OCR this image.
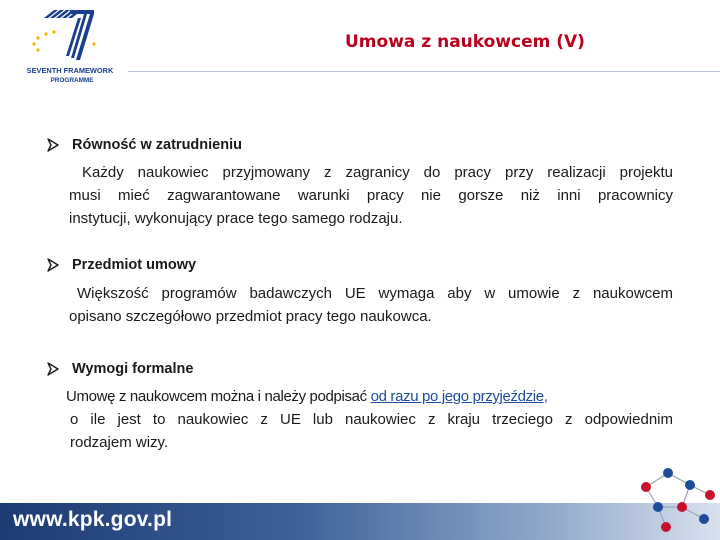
SEVENTH FRAMEWORK
PROGRAMME
Umowa z naukowcem (V)
Równość w zatrudnieniu
Każdy naukowiec przyjmowany z zagranicy do pracy przy realizacji projektu
musi mieć zagwarantowane warunki pracy nie gorsze niż inni pracownicy
instytucji, wykonujący prace tego samego rodzaju.
Przedmiot umowy
Większość programów badawczych UE wymaga aby w umowie z naukowcem
opisano szczegółowo przedmiot pracy tego naukowca.
Wymogi formalne
Umowę z naukowcem można i należy podpisać od razu po jego przyjeździe,
o ile jest to naukowiec z UE lub naukowiec z kraju trzeciego z odpowiednim
rodzajem wizy.
www.kpk.gov.pl
